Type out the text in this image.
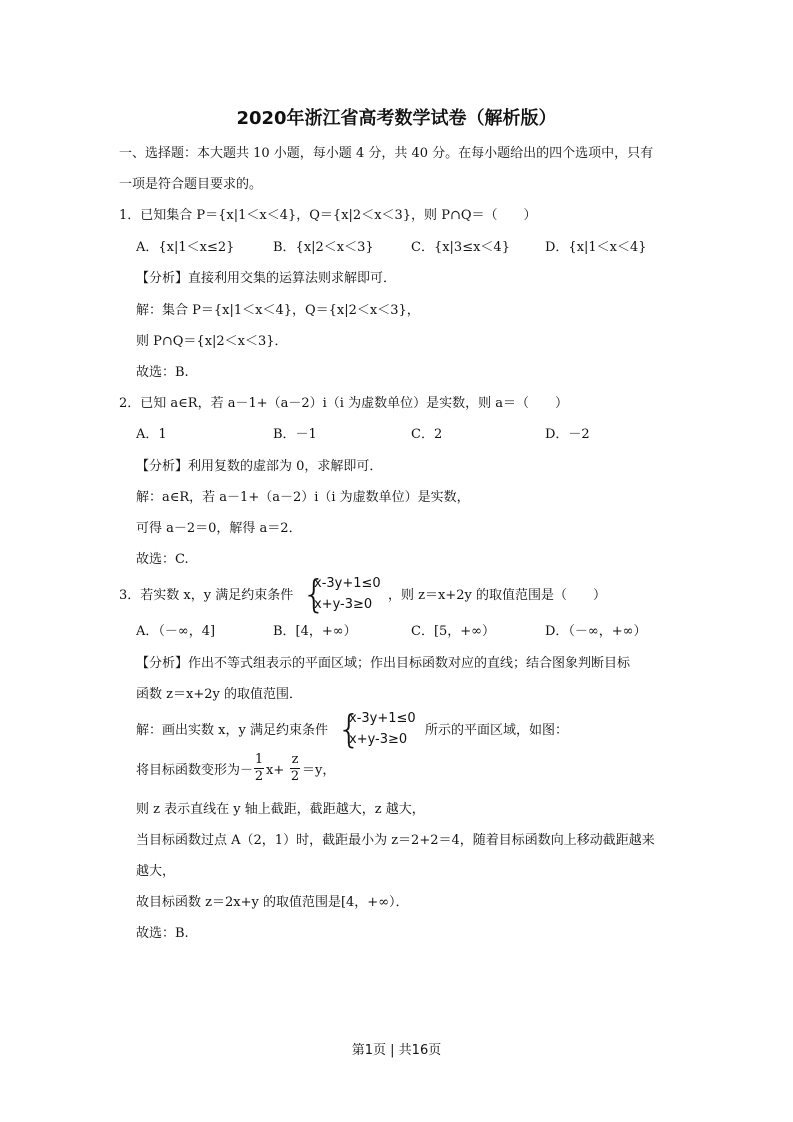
2020年浙江省高考数学试卷（解析版）
一、选择题：本大题共 10 小题，每小题 4 分，共 40 分。在每小题给出的四个选项中，只有
一项是符合题目要求的。
1．已知集合 P＝{x|1＜x＜4}，Q＝{x|2＜x＜3}，则 P∩Q＝（　　）
A．{x|1＜x≤2}	B．{x|2＜x＜3}	C．{x|3≤x＜4}	D．{x|1＜x＜4}
【分析】直接利用交集的运算法则求解即可．
解：集合 P＝{x|1＜x＜4}，Q＝{x|2＜x＜3}，
则 P∩Q＝{x|2＜x＜3}．
故选：B.
2．已知 a∈R，若 a－1+（a－2）i（i 为虚数单位）是实数，则 a＝（　　）
A．1	B．－1	C．2	D．－2
【分析】利用复数的虚部为 0，求解即可．
解：a∈R，若 a－1+（a－2）i（i 为虚数单位）是实数，
可得 a－2＝0，解得 a＝2．
故选：C.
3．若实数 x，y 满足约束条件 {
x-3y+1≤0
x+y-3≥0
，则 z＝x+2y 的取值范围是（　　）
A．（－∞，4]	B．[4，+∞）	C．[5，+∞）	D．（－∞，+∞）
【分析】作出不等式组表示的平面区域；作出目标函数对应的直线；结合图象判断目标
函数 z＝x+2y 的取值范围．
解：画出实数 x，y 满足约束条件 {
x-3y+1≤0
x+y-3≥0
所示的平面区域，如图：
将目标函数变形为－
1
2 x+
z
2 ＝y，
则 z 表示直线在 y 轴上截距，截距越大，z 越大，
当目标函数过点 A（2，1）时，截距最小为 z＝2+2＝4，随着目标函数向上移动截距越来
越大，
故目标函数 z＝2x+y 的取值范围是[4，+∞）．
故选：B.
第1页 | 共16页
